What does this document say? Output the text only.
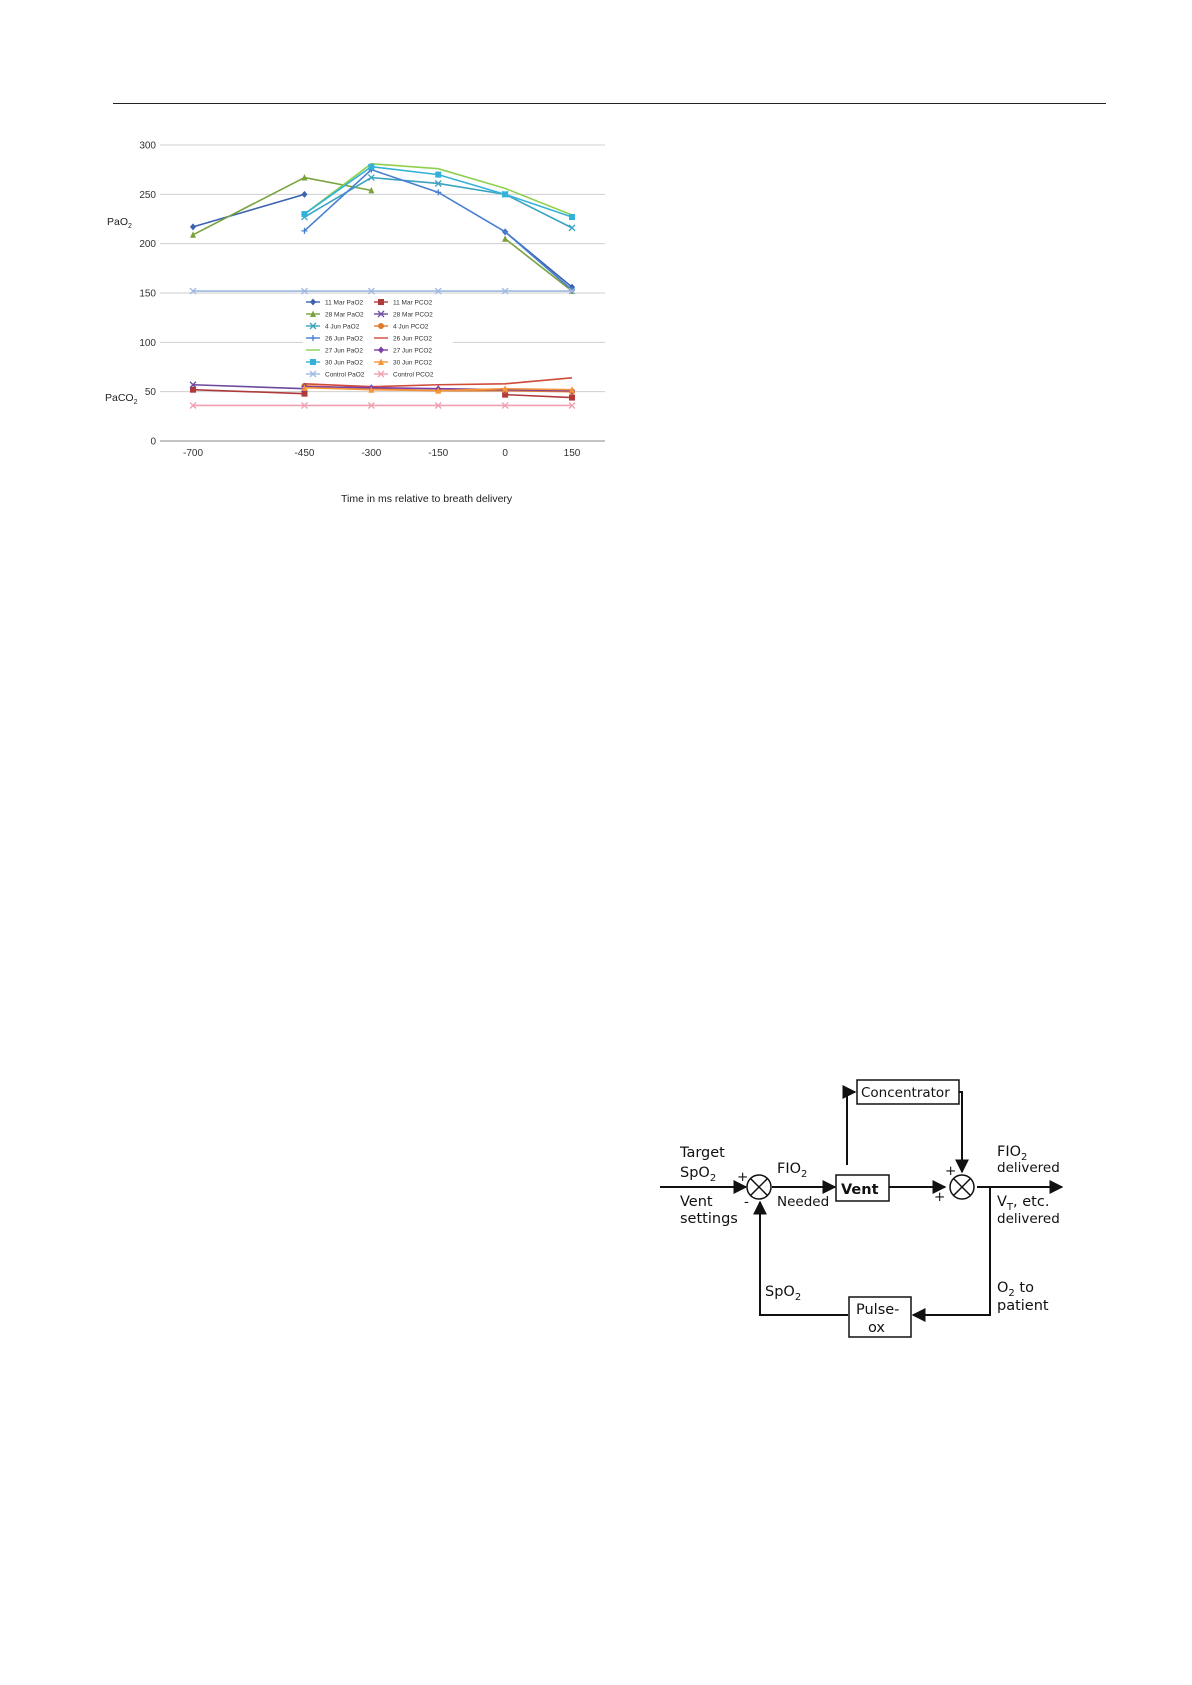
0
50
100
150
200
250
300
-700	-450	-300	-150	0	150
11 Mar PaO2	11 Mar PCO2
28 Mar PaO2	28 Mar PCO2
4 Jun PaO2	4 Jun PCO2
26 Jun PaO2	26 Jun PCO2
27 Jun PaO2	27 Jun PCO2
30 Jun PaO2	30 Jun PCO2
Control PaO2	Control PCO2
Time in ms relative to breath delivery
PaO$_2$
PaCO$_2$
Vent
Concentrator
Pulse-
ox
Target
SpO$_2$
Vent
settings
+
-
$FIO_2$
Needed
+
+
$FIO_2$
delivered
$V_T$, etc.
delivered
$O_2$ to
patient
SpO$_2$
